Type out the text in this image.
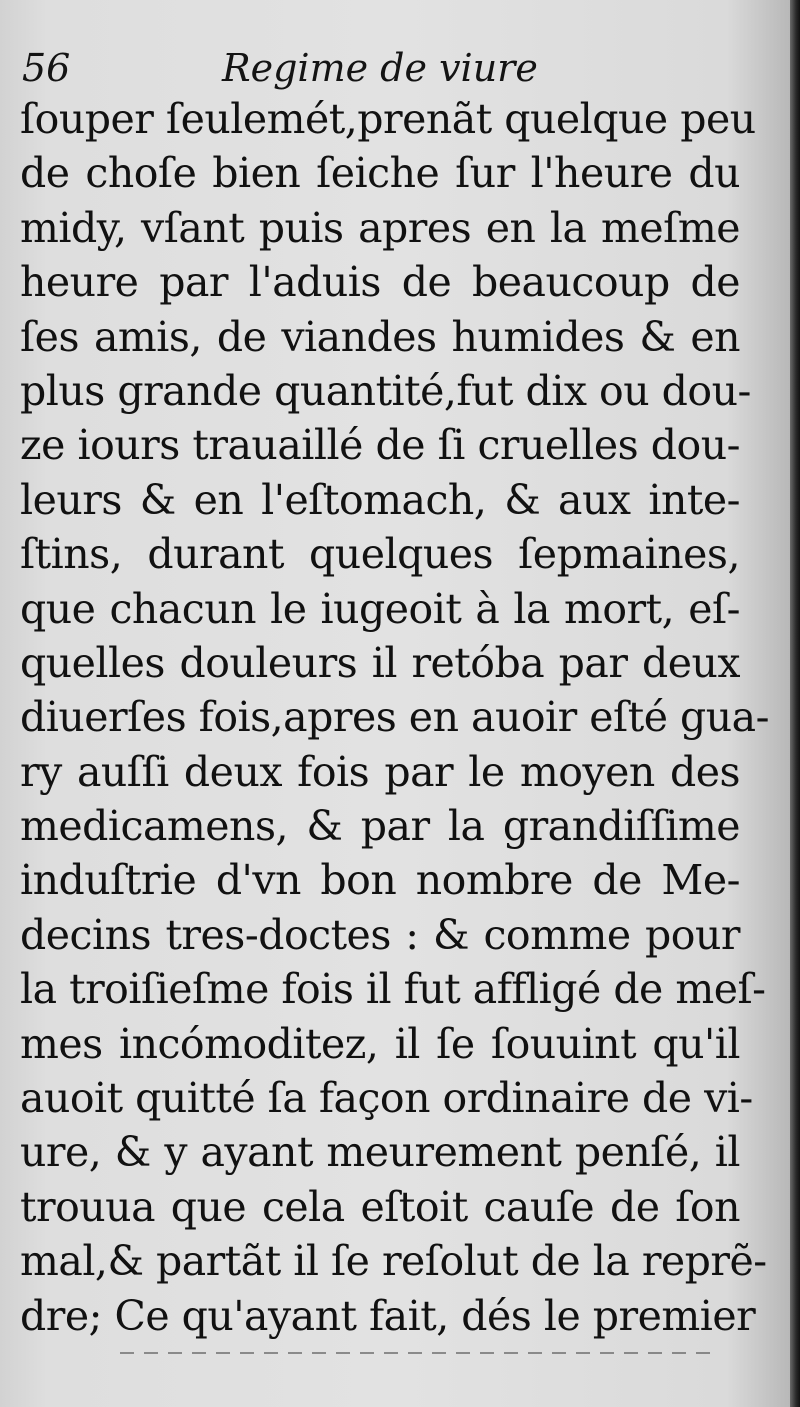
56	Regime de viure
ſouper ſeulemét,prenãt quelque peu
de choſe bien ſeiche ſur l'heure du
midy, vſant puis apres en la meſme
heure par l'aduis de beaucoup de
ſes amis, de viandes humides & en
plus grande quantité,fut dix ou dou-
ze iours trauaillé de ſi cruelles dou-
leurs & en l'eſtomach, & aux inte-
ſtins, durant quelques ſepmaines,
que chacun le iugeoit à la mort, eſ-
quelles douleurs il retóba par deux
diuerſes fois,apres en auoir eſté gua-
ry auſſi deux fois par le moyen des
medicamens, & par la grandiſſime
induſtrie d'vn bon nombre de Me-
decins tres-doctes : & comme pour
la troiſieſme fois il fut affligé de meſ-
mes incómoditez, il ſe ſouuint qu'il
auoit quitté ſa façon ordinaire de vi-
ure, & y ayant meurement penſé, il
trouua que cela eſtoit cauſe de ſon
mal,& partãt il ſe reſolut de la reprẽ-
dre; Ce qu'ayant fait, dés le premier
